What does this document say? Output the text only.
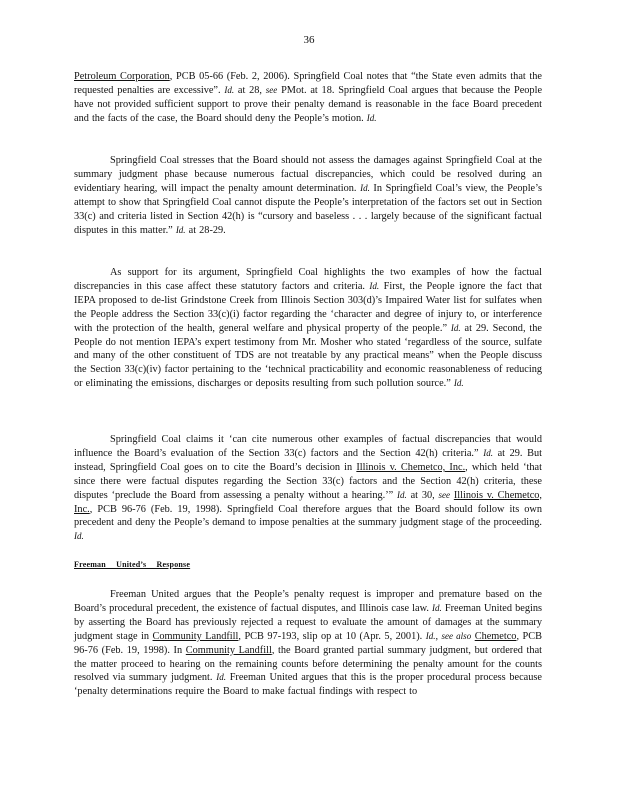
36
Petroleum Corporation, PCB 05-66 (Feb. 2, 2006). Springfield Coal notes that “the State even admits that the requested penalties are excessive”. Id. at 28, see PMot. at 18. Springfield Coal argues that because the People have not provided sufficient support to prove their penalty demand is reasonable in the face Board precedent and the facts of the case, the Board should deny the People’s motion. Id.
Springfield Coal stresses that the Board should not assess the damages against Springfield Coal at the summary judgment phase because numerous factual discrepancies, which could be resolved during an evidentiary hearing, will impact the penalty amount determination. Id. In Springfield Coal’s view, the People’s attempt to show that Springfield Coal cannot dispute the People’s interpretation of the factors set out in Section 33(c) and criteria listed in Section 42(h) is “cursory and baseless . . . largely because of the significant factual disputes in this matter.” Id. at 28-29.
As support for its argument, Springfield Coal highlights the two examples of how the factual discrepancies in this case affect these statutory factors and criteria. Id. First, the People ignore the fact that IEPA proposed to de-list Grindstone Creek from Illinois Section 303(d)’s Impaired Water list for sulfates when the People address the Section 33(c)(i) factor regarding the ‘character and degree of injury to, or interference with the protection of the health, general welfare and physical property of the people.” Id. at 29. Second, the People do not mention IEPA’s expert testimony from Mr. Mosher who stated ‘regardless of the source, sulfate and many of the other constituent of TDS are not treatable by any practical means” when the People discuss the Section 33(c)(iv) factor pertaining to the ‘technical practicability and economic reasonableness of reducing or eliminating the emissions, discharges or deposits resulting from such pollution source.” Id.
Springfield Coal claims it ‘can cite numerous other examples of factual discrepancies that would influence the Board’s evaluation of the Section 33(c) factors and the Section 42(h) criteria.” Id. at 29. But instead, Springfield Coal goes on to cite the Board’s decision in Illinois v. Chemetco, Inc., which held ‘that since there were factual disputes regarding the Section 33(c) factors and the Section 42(h) criteria, these disputes ‘preclude the Board from assessing a penalty without a hearing.’” Id. at 30, see Illinois v. Chemetco, Inc., PCB 96-76 (Feb. 19, 1998). Springfield Coal therefore argues that the Board should follow its own precedent and deny the People’s demand to impose penalties at the summary judgment stage of the proceeding. Id.
Freeman United’s Response
Freeman United argues that the People’s penalty request is improper and premature based on the Board’s procedural precedent, the existence of factual disputes, and Illinois case law. Id. Freeman United begins by asserting the Board has previously rejected a request to evaluate the amount of damages at the summary judgment stage in Community Landfill, PCB 97-193, slip op at 10 (Apr. 5, 2001). Id., see also Chemetco, PCB 96-76 (Feb. 19, 1998). In Community Landfill, the Board granted partial summary judgment, but ordered that the matter proceed to hearing on the remaining counts before determining the penalty amount for the counts resolved via summary judgment. Id. Freeman United argues that this is the proper procedural process because ‘penalty determinations require the Board to make factual findings with respect to
